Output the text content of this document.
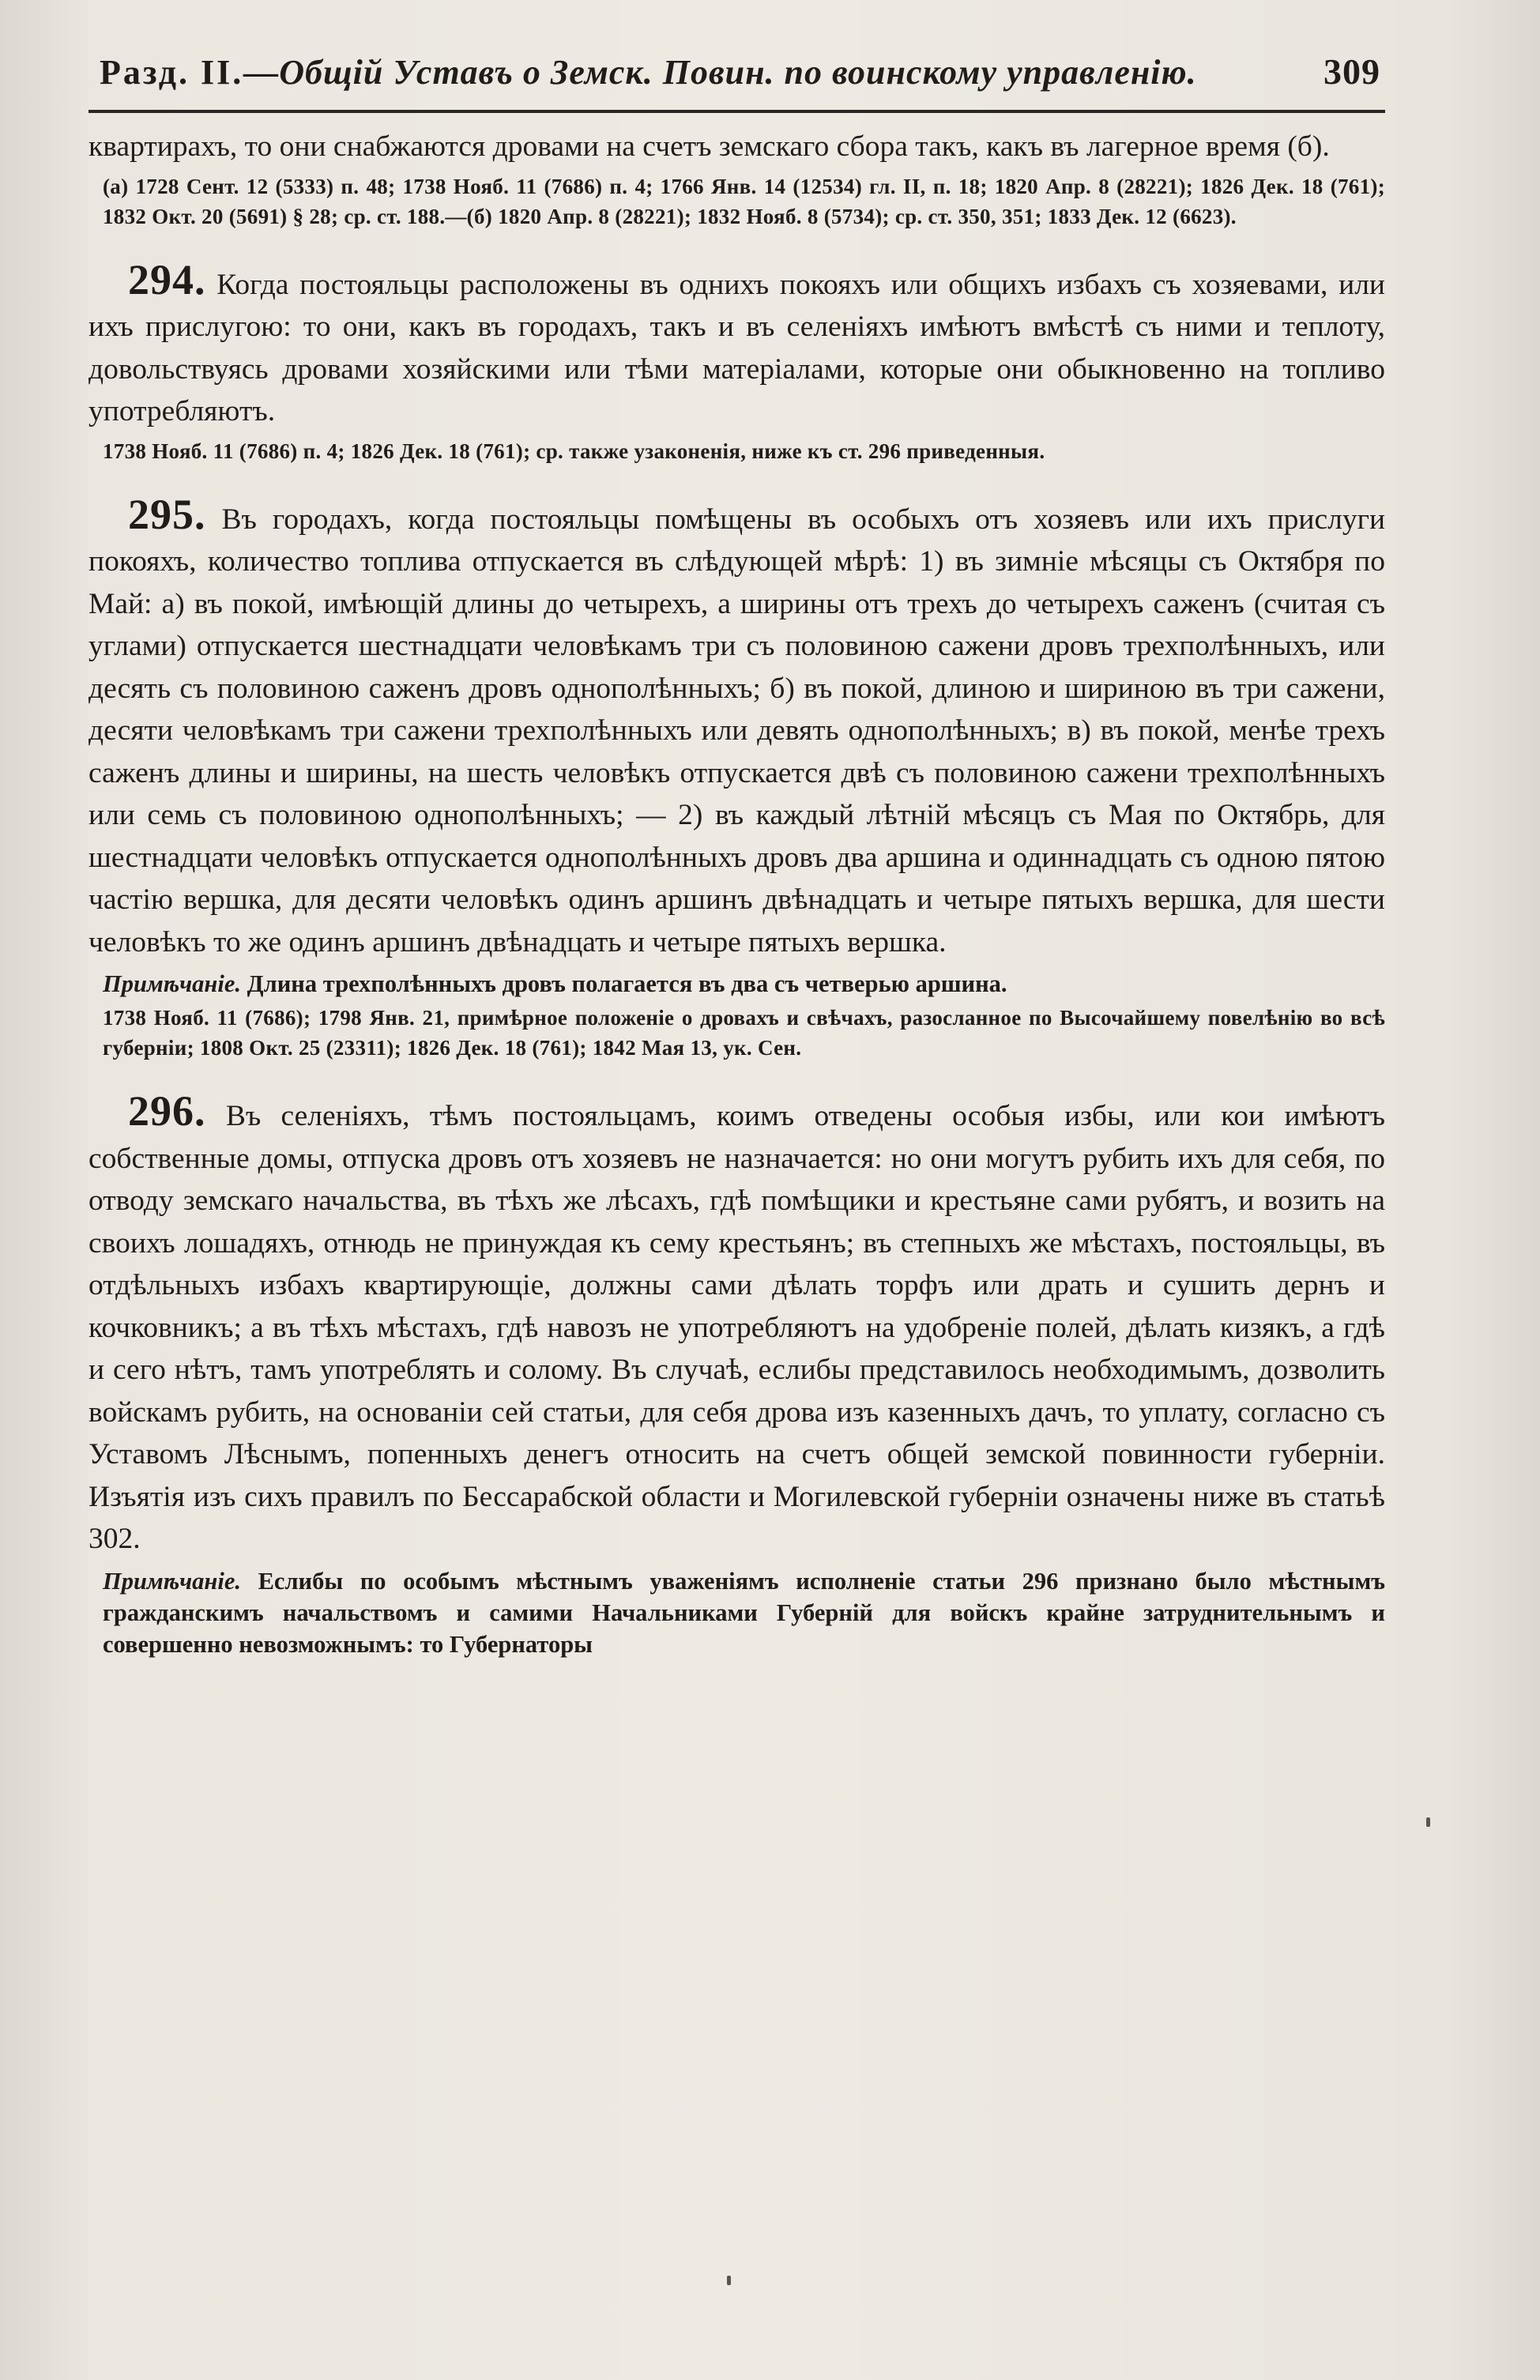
Разд. II.—Общій Уставъ о Земск. Повин. по воинскому управленію.	309

квартирахъ, то они снабжаются дровами на счетъ земскаго сбора такъ, какъ въ лагерное время (б).

(а) 1728 Сент. 12 (5333) п. 48; 1738 Нояб. 11 (7686) п. 4; 1766 Янв. 14 (12534) гл. II, п. 18; 1820 Апр. 8 (28221); 1826 Дек. 18 (761); 1832 Окт. 20 (5691) § 28; ср. ст. 188.—(б) 1820 Апр. 8 (28221); 1832 Нояб. 8 (5734); ср. ст. 350, 351; 1833 Дек. 12 (6623).

294. Когда постояльцы расположены въ однихъ покояхъ или общихъ избахъ съ хозяевами, или ихъ прислугою: то они, какъ въ городахъ, такъ и въ селеніяхъ имѣютъ вмѣстѣ съ ними и теплоту, довольствуясь дровами хозяйскими или тѣми матеріалами, которые они обыкновенно на топливо употребляютъ.

1738 Нояб. 11 (7686) п. 4; 1826 Дек. 18 (761); ср. также узаконенія, ниже къ ст. 296 приведенныя.

295. Въ городахъ, когда постояльцы помѣщены въ особыхъ отъ хозяевъ или ихъ прислуги покояхъ, количество топлива отпускается въ слѣдующей мѣрѣ: 1) въ зимніе мѣсяцы съ Октября по Май: а) въ покой, имѣющій длины до четырехъ, а ширины отъ трехъ до четырехъ саженъ (считая съ углами) отпускается шестнадцати человѣкамъ три съ половиною сажени дровъ трехполѣнныхъ, или десять съ половиною саженъ дровъ однополѣнныхъ; б) въ покой, длиною и шириною въ три сажени, десяти человѣкамъ три сажени трехполѣнныхъ или девять однополѣнныхъ; в) въ покой, менѣе трехъ саженъ длины и ширины, на шесть человѣкъ отпускается двѣ съ половиною сажени трехполѣнныхъ или семь съ половиною однополѣнныхъ; — 2) въ каждый лѣтній мѣсяцъ съ Мая по Октябрь, для шестнадцати человѣкъ отпускается однополѣнныхъ дровъ два аршина и одиннадцать съ одною пятою частію вершка, для десяти человѣкъ одинъ аршинъ двѣнадцать и четыре пятыхъ вершка, для шести человѣкъ то же одинъ аршинъ двѣнадцать и четыре пятыхъ вершка.

Примѣчаніе. Длина трехполѣнныхъ дровъ полагается въ два съ четверью аршина.

1738 Нояб. 11 (7686); 1798 Янв. 21, примѣрное положеніе о дровахъ и свѣчахъ, разосланное по Высочайшему повелѣнію во всѣ губерніи; 1808 Окт. 25 (23311); 1826 Дек. 18 (761); 1842 Мая 13, ук. Сен.

296. Въ селеніяхъ, тѣмъ постояльцамъ, коимъ отведены особыя избы, или кои имѣютъ собственные домы, отпуска дровъ отъ хозяевъ не назначается: но они могутъ рубить ихъ для себя, по отводу земскаго начальства, въ тѣхъ же лѣсахъ, гдѣ помѣщики и крестьяне сами рубятъ, и возить на своихъ лошадяхъ, отнюдь не принуждая къ сему крестьянъ; въ степныхъ же мѣстахъ, постояльцы, въ отдѣльныхъ избахъ квартирующіе, должны сами дѣлать торфъ или драть и сушить дернъ и кочковникъ; а въ тѣхъ мѣстахъ, гдѣ навозъ не употребляютъ на удобреніе полей, дѣлать кизякъ, а гдѣ и сего нѣтъ, тамъ употреблять и солому. Въ случаѣ, еслибы представилось необходимымъ, дозволить войскамъ рубить, на основаніи сей статьи, для себя дрова изъ казенныхъ дачъ, то уплату, согласно съ Уставомъ Лѣснымъ, попенныхъ денегъ относить на счетъ общей земской повинности губерніи. Изъятія изъ сихъ правилъ по Бессарабской области и Могилевской губерніи означены ниже въ статьѣ 302.

Примѣчаніе. Еслибы по особымъ мѣстнымъ уваженіямъ исполненіе статьи 296 признано было мѣстнымъ гражданскимъ начальствомъ и самими Начальниками Губерній для войскъ крайне затруднительнымъ и совершенно невозможнымъ: то Губернаторы
